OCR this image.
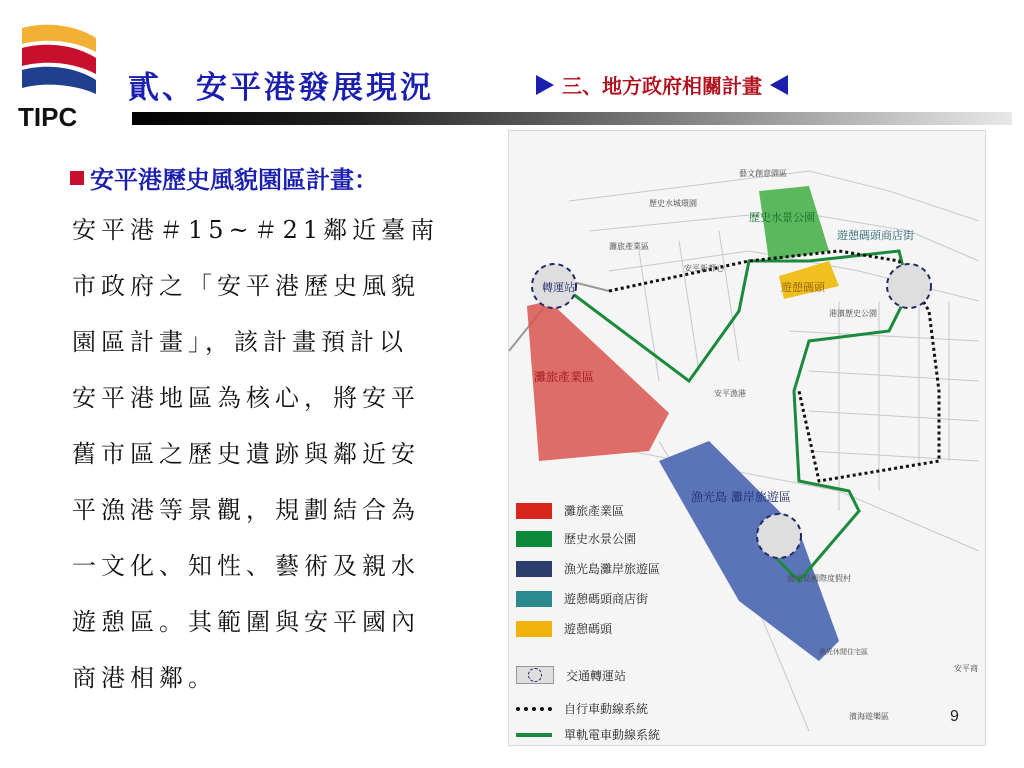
TIPC
貳、安平港發展現況	三、地方政府相關計畫
安平港歷史風貌園區計畫：
安平港＃15~＃21鄰近臺南
市政府之「安平港歷史風貌
園區計畫」，該計畫預計以
安平港地區為核心，將安平
舊市區之歷史遺跡與鄰近安
平漁港等景觀，規劃結合為
一文化、知性、藝術及親水
遊憩區。其範圍與安平國內
商港相鄰。
轉運站
歷史水景公園
遊憩碼頭商店街
遊憩碼頭
灘旅產業區
漁光島 灘岸旅遊區
藝文創意園區
歷史水城環園
灘旅產業區
安平新都心
安平漁港
漁光島國際度假村
漁光休閒住宅區
濱海遊樂區
安平商
港濱歷史公園
灘旅產業區
歷史水景公園
漁光島灘岸旅遊區
遊憩碼頭商店街
遊憩碼頭
交通轉運站
自行車動線系統
單軌電車動線系統
9
